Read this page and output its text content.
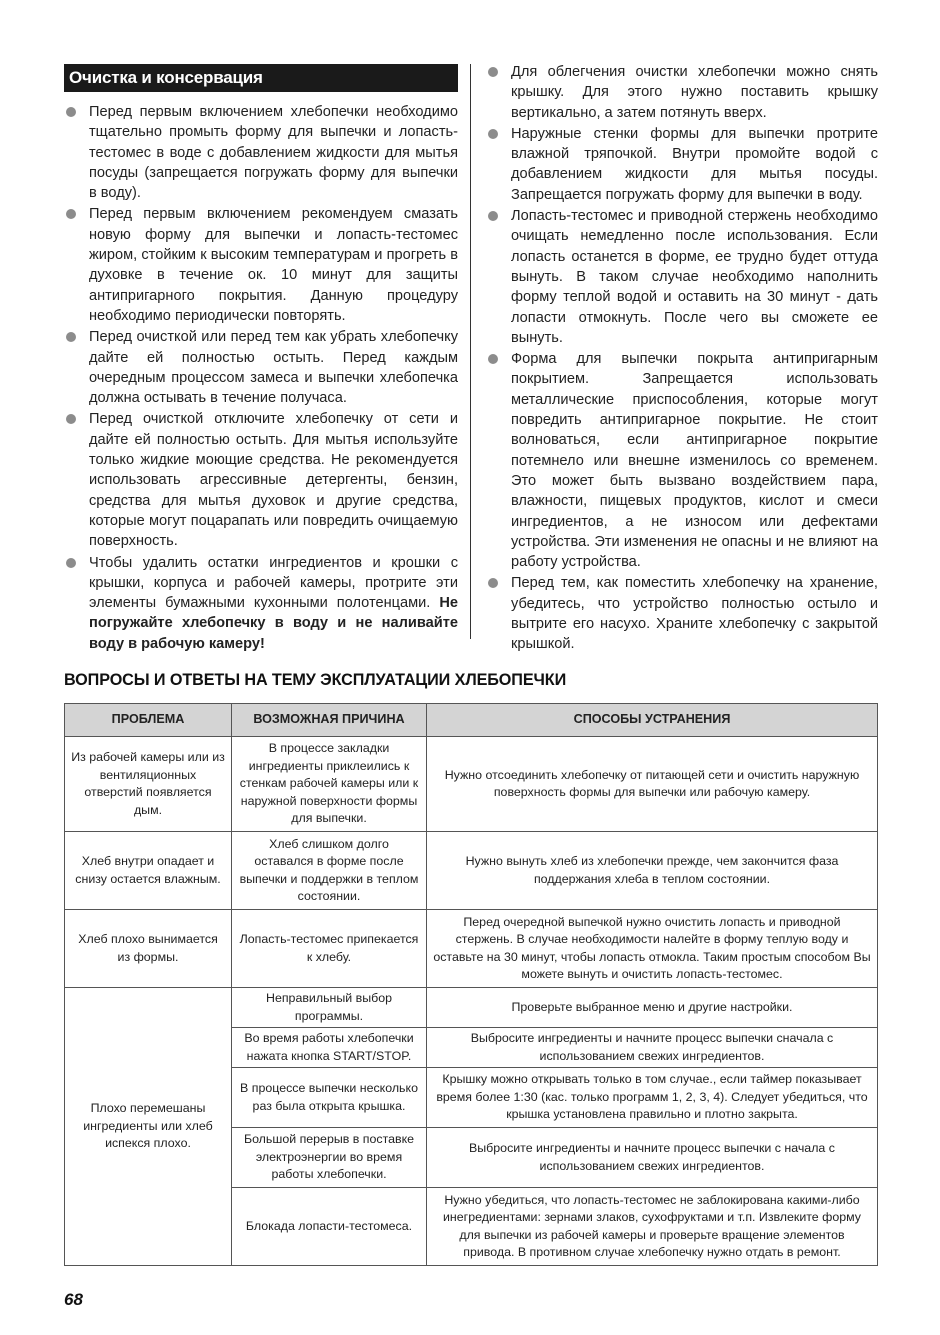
Очистка и консервация
Перед первым включением хлебопечки необходимо тщательно промыть форму для выпечки и лопасть-тестомес в воде с добавлением жидкости для мытья посуды (запрещается погружать форму для выпечки в воду).
Перед первым включением рекомендуем смазать новую форму для выпечки и лопасть-тестомес жиром, стойким к высоким температурам и прогреть в духовке в течение ок. 10 минут для защиты антипригарного покрытия. Данную процедуру необходимо периодически повторять.
Перед очисткой или перед тем как убрать хлебопечку дайте ей полностью остыть. Перед каждым очередным процессом замеса и выпечки хлебопечка должна остывать в течение получаса.
Перед очисткой отключите хлебопечку от сети и дайте ей полностью остыть. Для мытья используйте только жидкие моющие средства. Не рекомендуется использовать агрессивные детергенты, бензин, средства для мытья духовок и другие средства, которые могут поцарапать или повредить очищаемую поверхность.
Чтобы удалить остатки ингредиентов и крошки с крышки, корпуса и рабочей камеры, протрите эти элементы бумажными кухонными полотенцами. Не погружайте хлебопечку в воду и не наливайте воду в рабочую камеру!
Для облегчения очистки хлебопечки можно снять крышку. Для этого нужно поставить крышку вертикально, а затем потянуть вверх.
Наружные стенки формы для выпечки протрите влажной тряпочкой. Внутри промойте водой с добавлением жидкости для мытья посуды. Запрещается погружать форму для выпечки в воду.
Лопасть-тестомес и приводной стержень необходимо очищать немедленно после использования. Если лопасть останется в форме, ее трудно будет оттуда вынуть. В таком случае необходимо наполнить форму теплой водой и оставить на 30 минут - дать лопасти отмокнуть. После чего вы сможете ее вынуть.
Форма для выпечки покрыта антипригарным покрытием. Запрещается использовать металлические приспособления, которые могут повредить антипригарное покрытие. Не стоит волноваться, если антипригарное покрытие потемнело или внешне изменилось со временем. Это может быть вызвано воздействием пара, влажности, пищевых продуктов, кислот и смеси ингредиентов, а не износом или дефектами устройства. Эти изменения не опасны и не влияют на работу устройства.
Перед тем, как поместить хлебопечку на хранение, убедитесь, что устройство полностью остыло и вытрите его насухо. Храните хлебопечку с закрытой крышкой.
ВОПРОСЫ И ОТВЕТЫ НА ТЕМУ ЭКСПЛУАТАЦИИ ХЛЕБОПЕЧКИ
ПРОБЛЕМА	ВОЗМОЖНАЯ ПРИЧИНА	СПОСОБЫ УСТРАНЕНИЯ
Из рабочей камеры или из вентиляционных отверстий появляется дым.	В процессе закладки ингредиенты приклеились к стенкам рабочей камеры или к наружной поверхности формы для выпечки.	Нужно отсоединить хлебопечку от питающей сети и очистить наружную поверхность формы для выпечки или рабочую камеру.
Хлеб внутри опадает и снизу остается влажным.	Хлеб слишком долго оставался в форме после выпечки и поддержки в теплом состоянии.	Нужно вынуть хлеб из хлебопечки прежде, чем закончится фаза поддержания хлеба в теплом состоянии.
Хлеб плохо вынимается из формы.	Лопасть-тестомес припекается к хлебу.	Перед очередной выпечкой нужно очистить лопасть и приводной стержень. В случае необходимости налейте в форму теплую воду и оставьте на 30 минут, чтобы лопасть отмокла. Таким простым способом Вы можете вынуть и очистить лопасть-тестомес.
Плохо перемешаны ингредиенты или хлеб испекся плохо.	Неправильный выбор программы.	Проверьте выбранное меню и другие настройки.
	Во время работы хлебопечки нажата кнопка START/STOP.	Выбросите ингредиенты и начните процесс выпечки сначала с использованием свежих ингредиентов.
	В процессе выпечки несколько раз была открыта крышка.	Крышку можно открывать только в том случае., если таймер показывает время более 1:30 (кас. только программ 1, 2, 3, 4). Следует убедиться, что крышка установлена правильно и плотно закрыта.
	Большой перерыв в поставке электроэнергии во время работы хлебопечки.	Выбросите ингредиенты и начните процесс выпечки с начала с использованием свежих ингредиентов.
	Блокада лопасти-тестомеса.	Нужно убедиться, что лопасть-тестомес не заблокирована какими-либо инегредиентами: зернами злаков, сухофруктами и т.п. Извлеките форму для выпечки из рабочей камеры и проверьте вращение элементов привода. В противном случае хлебопечку нужно отдать в ремонт.
68
